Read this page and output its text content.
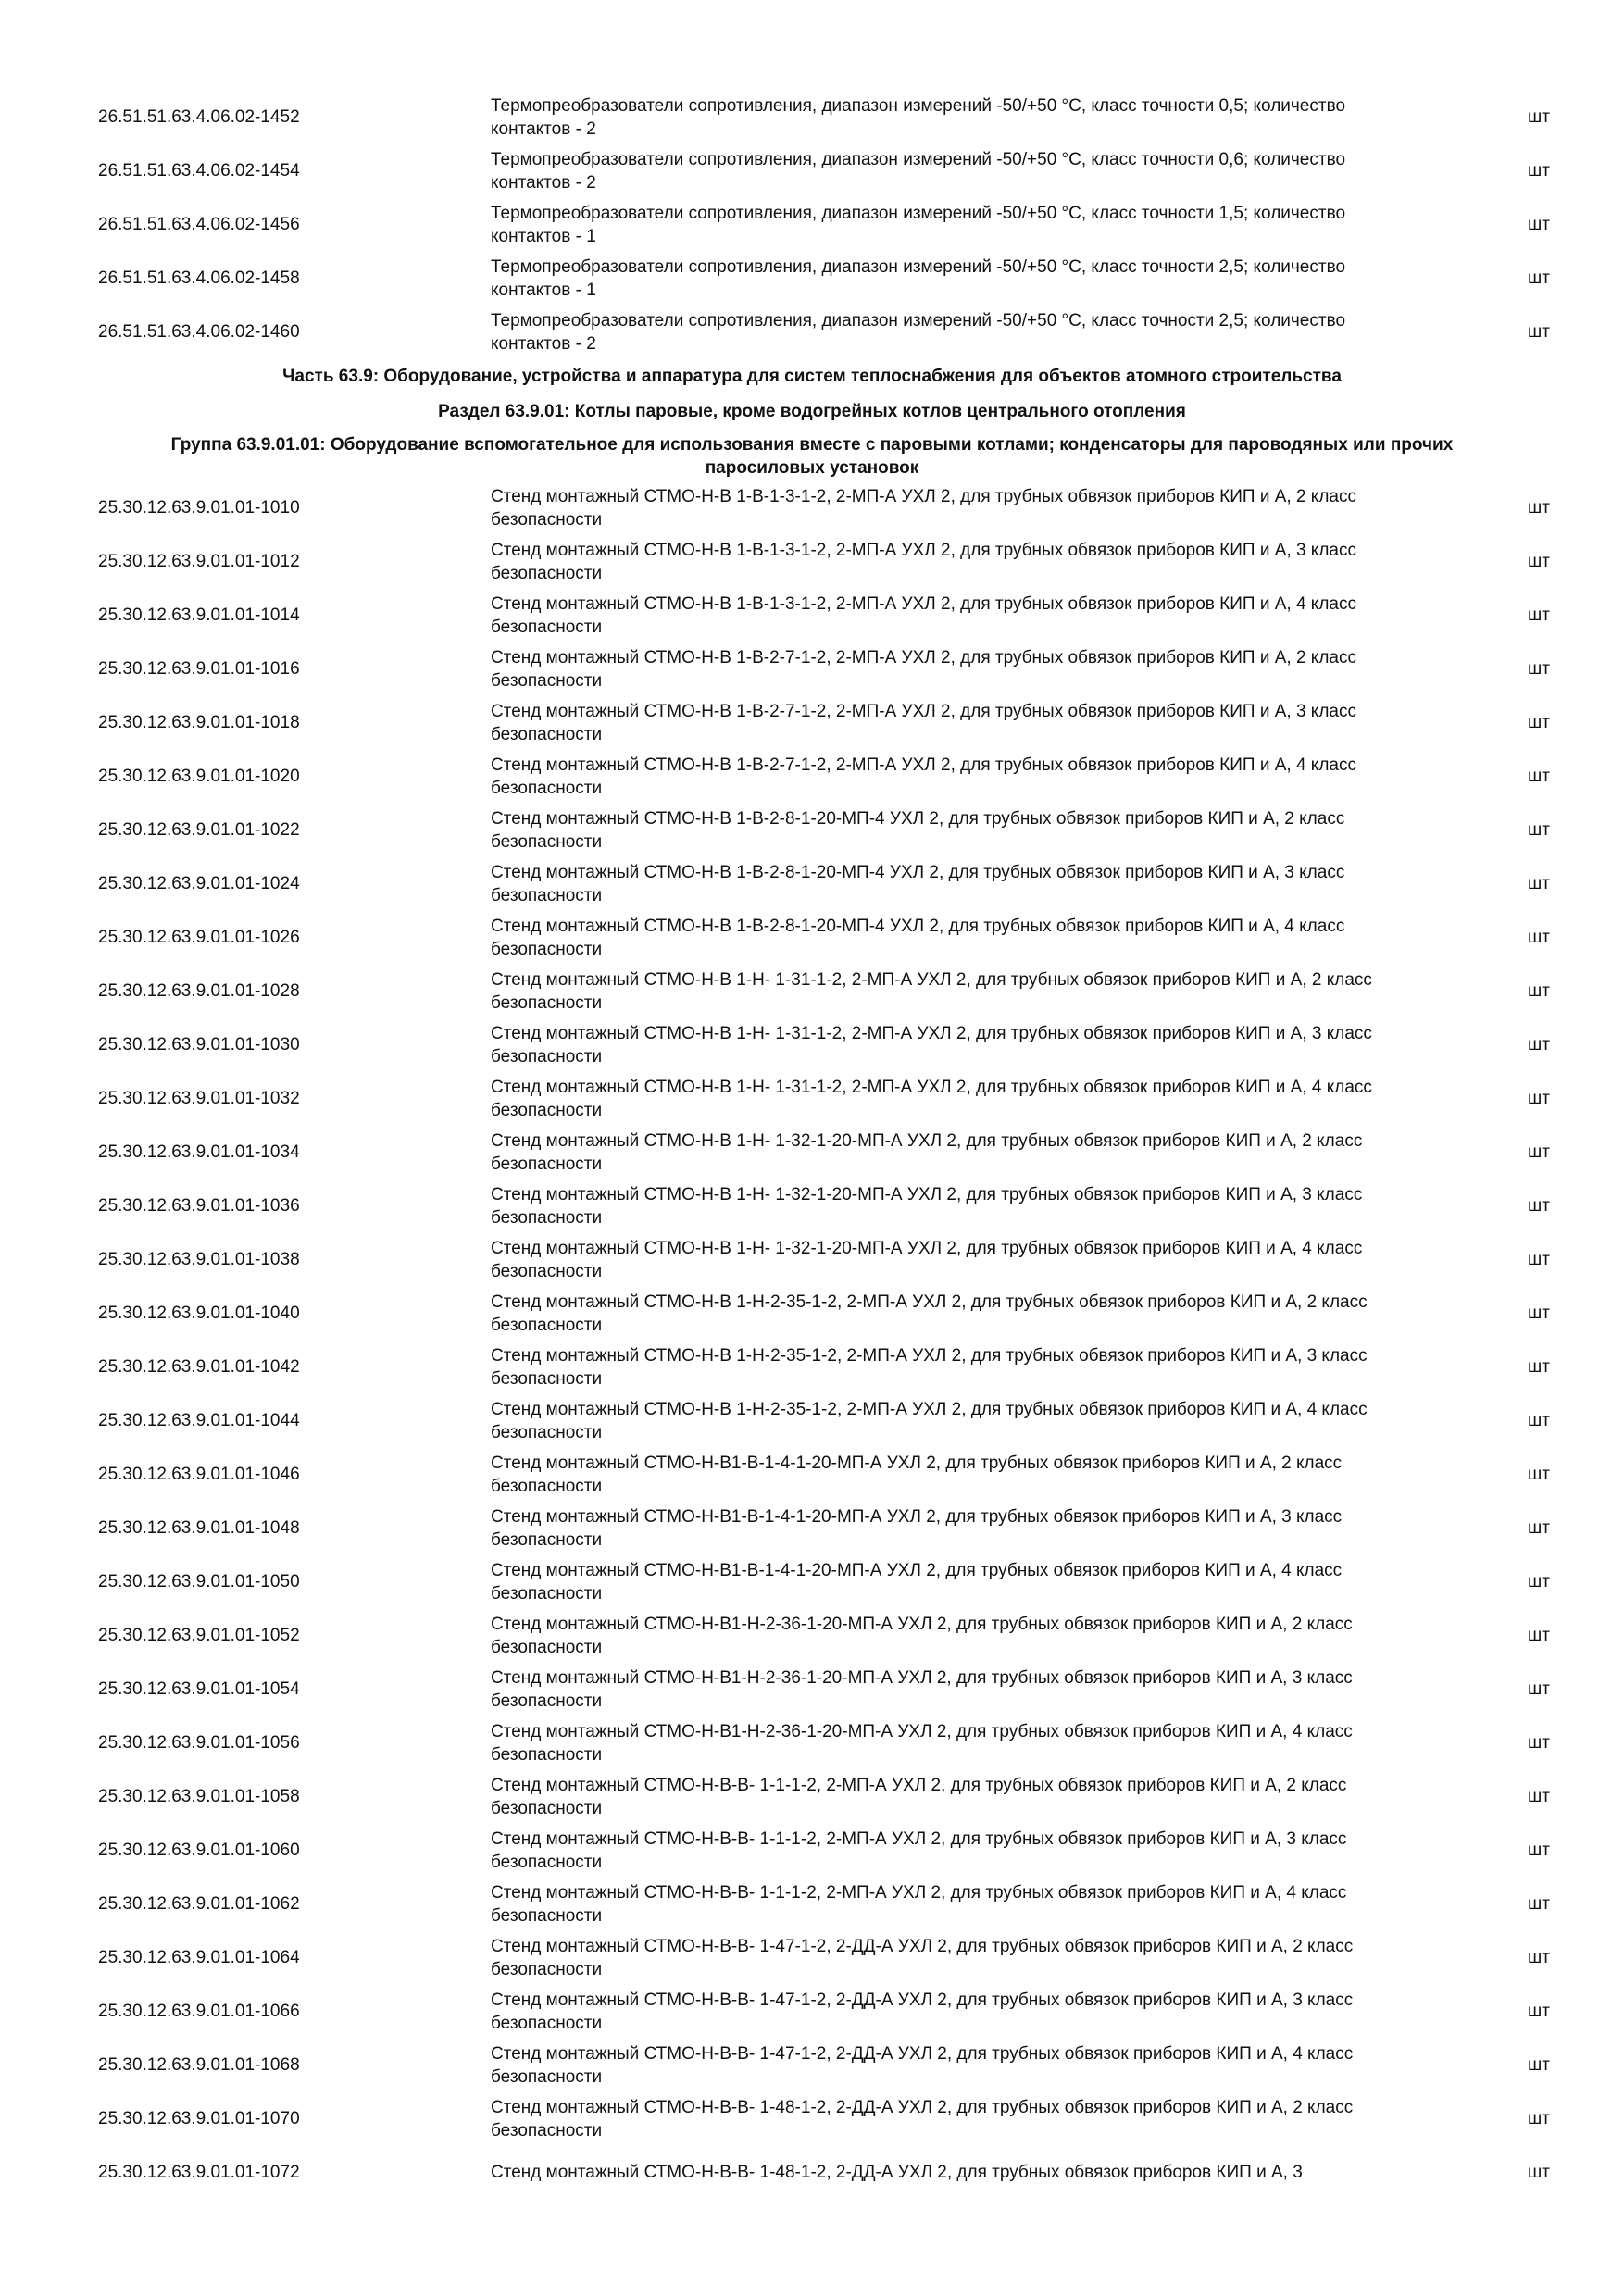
26.51.51.63.4.06.02-1452
Термопреобразователи сопротивления, диапазон измерений -50/+50 °С, класс точности 0,5; количество контактов - 2
шт
26.51.51.63.4.06.02-1454
Термопреобразователи сопротивления, диапазон измерений -50/+50 °С, класс точности 0,6; количество контактов - 2
шт
26.51.51.63.4.06.02-1456
Термопреобразователи сопротивления, диапазон измерений -50/+50 °С, класс точности 1,5; количество контактов - 1
шт
26.51.51.63.4.06.02-1458
Термопреобразователи сопротивления, диапазон измерений -50/+50 °С, класс точности 2,5; количество контактов - 1
шт
26.51.51.63.4.06.02-1460
Термопреобразователи сопротивления, диапазон измерений -50/+50 °С, класс точности 2,5; количество контактов - 2
шт
Часть 63.9: Оборудование, устройства и аппаратура для систем теплоснабжения для объектов атомного строительства
Раздел 63.9.01: Котлы паровые, кроме водогрейных котлов центрального отопления
Группа 63.9.01.01: Оборудование вспомогательное для использования вместе с паровыми котлами; конденсаторы для пароводяных или прочих паросиловых установок
25.30.12.63.9.01.01-1010
Стенд монтажный СТМО-Н-В 1-В-1-3-1-2, 2-МП-А УХЛ 2, для трубных обвязок приборов КИП и А, 2 класс безопасности
шт
25.30.12.63.9.01.01-1012
Стенд монтажный СТМО-Н-В 1-В-1-3-1-2, 2-МП-А УХЛ 2, для трубных обвязок приборов КИП и А, 3 класс безопасности
шт
25.30.12.63.9.01.01-1014
Стенд монтажный СТМО-Н-В 1-В-1-3-1-2, 2-МП-А УХЛ 2, для трубных обвязок приборов КИП и А, 4 класс безопасности
шт
25.30.12.63.9.01.01-1016
Стенд монтажный СТМО-Н-В 1-В-2-7-1-2, 2-МП-А УХЛ 2, для трубных обвязок приборов КИП и А, 2 класс безопасности
шт
25.30.12.63.9.01.01-1018
Стенд монтажный СТМО-Н-В 1-В-2-7-1-2, 2-МП-А УХЛ 2, для трубных обвязок приборов КИП и А, 3 класс безопасности
шт
25.30.12.63.9.01.01-1020
Стенд монтажный СТМО-Н-В 1-В-2-7-1-2, 2-МП-А УХЛ 2, для трубных обвязок приборов КИП и А, 4 класс безопасности
шт
25.30.12.63.9.01.01-1022
Стенд монтажный СТМО-Н-В 1-В-2-8-1-20-МП-4 УХЛ 2, для трубных обвязок приборов КИП и А, 2 класс безопасности
шт
25.30.12.63.9.01.01-1024
Стенд монтажный СТМО-Н-В 1-В-2-8-1-20-МП-4 УХЛ 2, для трубных обвязок приборов КИП и А, 3 класс безопасности
шт
25.30.12.63.9.01.01-1026
Стенд монтажный СТМО-Н-В 1-В-2-8-1-20-МП-4 УХЛ 2, для трубных обвязок приборов КИП и А, 4 класс безопасности
шт
25.30.12.63.9.01.01-1028
Стенд монтажный СТМО-Н-В 1-Н- 1-31-1-2, 2-МП-А УХЛ 2, для трубных обвязок приборов КИП и А, 2 класс безопасности
шт
25.30.12.63.9.01.01-1030
Стенд монтажный СТМО-Н-В 1-Н- 1-31-1-2, 2-МП-А УХЛ 2, для трубных обвязок приборов КИП и А, 3 класс безопасности
шт
25.30.12.63.9.01.01-1032
Стенд монтажный СТМО-Н-В 1-Н- 1-31-1-2, 2-МП-А УХЛ 2, для трубных обвязок приборов КИП и А, 4 класс безопасности
шт
25.30.12.63.9.01.01-1034
Стенд монтажный СТМО-Н-В 1-Н- 1-32-1-20-МП-А УХЛ 2, для трубных обвязок приборов КИП и А, 2 класс безопасности
шт
25.30.12.63.9.01.01-1036
Стенд монтажный СТМО-Н-В 1-Н- 1-32-1-20-МП-А УХЛ 2, для трубных обвязок приборов КИП и А, 3 класс безопасности
шт
25.30.12.63.9.01.01-1038
Стенд монтажный СТМО-Н-В 1-Н- 1-32-1-20-МП-А УХЛ 2, для трубных обвязок приборов КИП и А, 4 класс безопасности
шт
25.30.12.63.9.01.01-1040
Стенд монтажный СТМО-Н-В 1-Н-2-35-1-2, 2-МП-А УХЛ 2, для трубных обвязок приборов КИП и А, 2 класс безопасности
шт
25.30.12.63.9.01.01-1042
Стенд монтажный СТМО-Н-В 1-Н-2-35-1-2, 2-МП-А УХЛ 2, для трубных обвязок приборов КИП и А, 3 класс безопасности
шт
25.30.12.63.9.01.01-1044
Стенд монтажный СТМО-Н-В 1-Н-2-35-1-2, 2-МП-А УХЛ 2, для трубных обвязок приборов КИП и А, 4 класс безопасности
шт
25.30.12.63.9.01.01-1046
Стенд монтажный СТМО-Н-В1-В-1-4-1-20-МП-А УХЛ 2, для трубных обвязок приборов КИП и А, 2 класс безопасности
шт
25.30.12.63.9.01.01-1048
Стенд монтажный СТМО-Н-В1-В-1-4-1-20-МП-А УХЛ 2, для трубных обвязок приборов КИП и А, 3 класс безопасности
шт
25.30.12.63.9.01.01-1050
Стенд монтажный СТМО-Н-В1-В-1-4-1-20-МП-А УХЛ 2, для трубных обвязок приборов КИП и А, 4 класс безопасности
шт
25.30.12.63.9.01.01-1052
Стенд монтажный СТМО-Н-В1-Н-2-36-1-20-МП-А УХЛ 2, для трубных обвязок приборов КИП и А, 2 класс безопасности
шт
25.30.12.63.9.01.01-1054
Стенд монтажный СТМО-Н-В1-Н-2-36-1-20-МП-А УХЛ 2, для трубных обвязок приборов КИП и А, 3 класс безопасности
шт
25.30.12.63.9.01.01-1056
Стенд монтажный СТМО-Н-В1-Н-2-36-1-20-МП-А УХЛ 2, для трубных обвязок приборов КИП и А, 4 класс безопасности
шт
25.30.12.63.9.01.01-1058
Стенд монтажный СТМО-Н-В-В- 1-1-1-2, 2-МП-А УХЛ 2, для трубных обвязок приборов КИП и А, 2 класс безопасности
шт
25.30.12.63.9.01.01-1060
Стенд монтажный СТМО-Н-В-В- 1-1-1-2, 2-МП-А УХЛ 2, для трубных обвязок приборов КИП и А, 3 класс безопасности
шт
25.30.12.63.9.01.01-1062
Стенд монтажный СТМО-Н-В-В- 1-1-1-2, 2-МП-А УХЛ 2, для трубных обвязок приборов КИП и А, 4 класс безопасности
шт
25.30.12.63.9.01.01-1064
Стенд монтажный СТМО-Н-В-В- 1-47-1-2, 2-ДД-А УХЛ 2, для трубных обвязок приборов КИП и А, 2 класс безопасности
шт
25.30.12.63.9.01.01-1066
Стенд монтажный СТМО-Н-В-В- 1-47-1-2, 2-ДД-А УХЛ 2, для трубных обвязок приборов КИП и А, 3 класс безопасности
шт
25.30.12.63.9.01.01-1068
Стенд монтажный СТМО-Н-В-В- 1-47-1-2, 2-ДД-А УХЛ 2, для трубных обвязок приборов КИП и А, 4 класс безопасности
шт
25.30.12.63.9.01.01-1070
Стенд монтажный СТМО-Н-В-В- 1-48-1-2, 2-ДД-А УХЛ 2, для трубных обвязок приборов КИП и А, 2 класс безопасности
шт
25.30.12.63.9.01.01-1072	Стенд монтажный СТМО-Н-В-В- 1-48-1-2, 2-ДД-А УХЛ 2, для трубных обвязок приборов КИП и А, 3	шт
